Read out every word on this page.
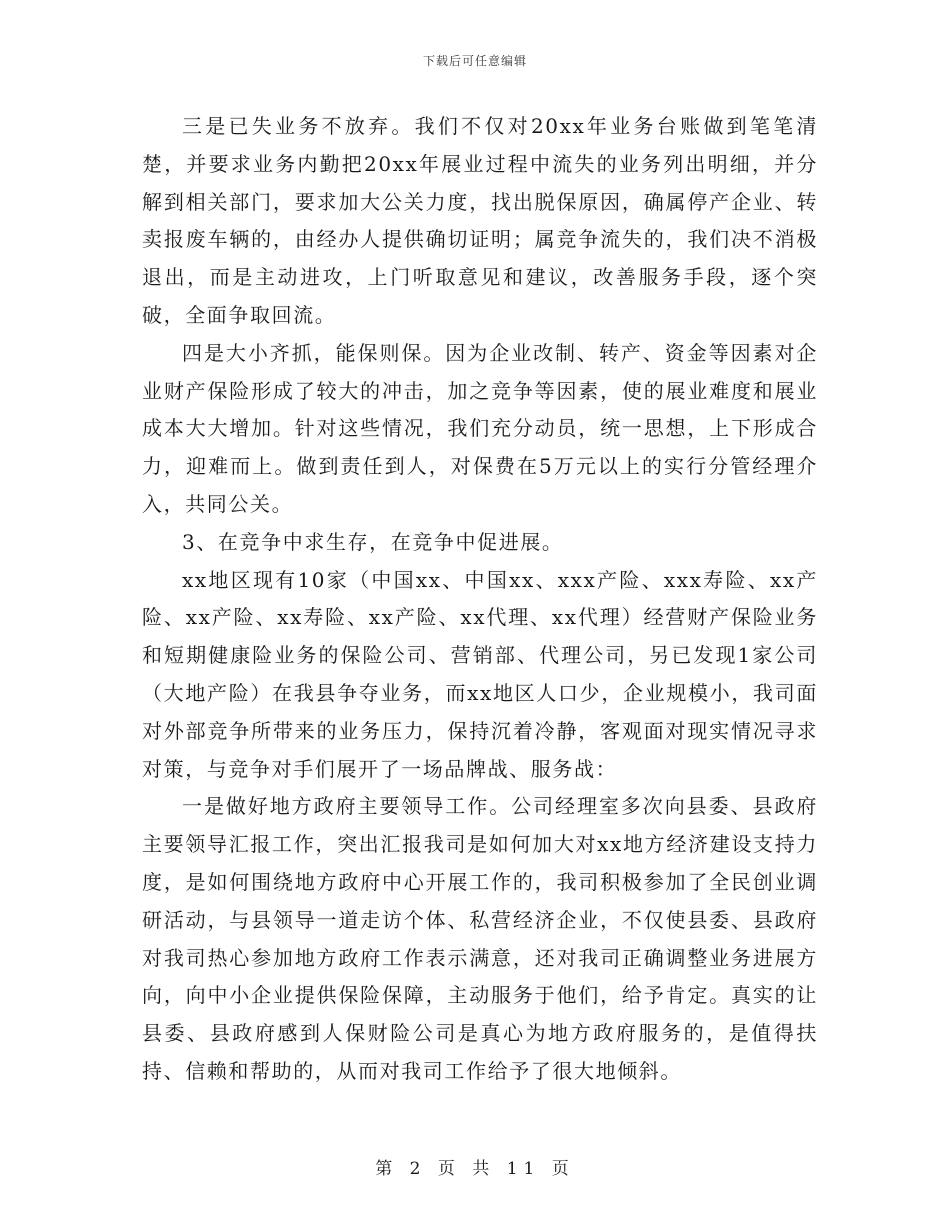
下载后可任意编辑

三是已失业务不放弃。我们不仅对20xx年业务台账做到笔笔清楚，并要求业务内勤把20xx年展业过程中流失的业务列出明细，并分解到相关部门，要求加大公关力度，找出脱保原因，确属停产企业、转卖报废车辆的，由经办人提供确切证明；属竞争流失的，我们决不消极退出，而是主动进攻，上门听取意见和建议，改善服务手段，逐个突破，全面争取回流。

四是大小齐抓，能保则保。因为企业改制、转产、资金等因素对企业财产保险形成了较大的冲击，加之竞争等因素，使的展业难度和展业成本大大增加。针对这些情况，我们充分动员，统一思想，上下形成合力，迎难而上。做到责任到人，对保费在5万元以上的实行分管经理介入，共同公关。

3、在竞争中求生存，在竞争中促进展。

xx地区现有10家（中国xx、中国xx、xxx产险、xxx寿险、xx产险、xx产险、xx寿险、xx产险、xx代理、xx代理）经营财产保险业务和短期健康险业务的保险公司、营销部、代理公司，另已发现1家公司（大地产险）在我县争夺业务，而xx地区人口少，企业规模小，我司面对外部竞争所带来的业务压力，保持沉着冷静，客观面对现实情况寻求对策，与竞争对手们展开了一场品牌战、服务战：

一是做好地方政府主要领导工作。公司经理室多次向县委、县政府主要领导汇报工作，突出汇报我司是如何加大对xx地方经济建设支持力度，是如何围绕地方政府中心开展工作的，我司积极参加了全民创业调研活动，与县领导一道走访个体、私营经济企业，不仅使县委、县政府对我司热心参加地方政府工作表示满意，还对我司正确调整业务进展方向，向中小企业提供保险保障，主动服务于他们，给予肯定。真实的让县委、县政府感到人保财险公司是真心为地方政府服务的，是值得扶持、信赖和帮助的，从而对我司工作给予了很大地倾斜。

第 2 页 共 11 页
